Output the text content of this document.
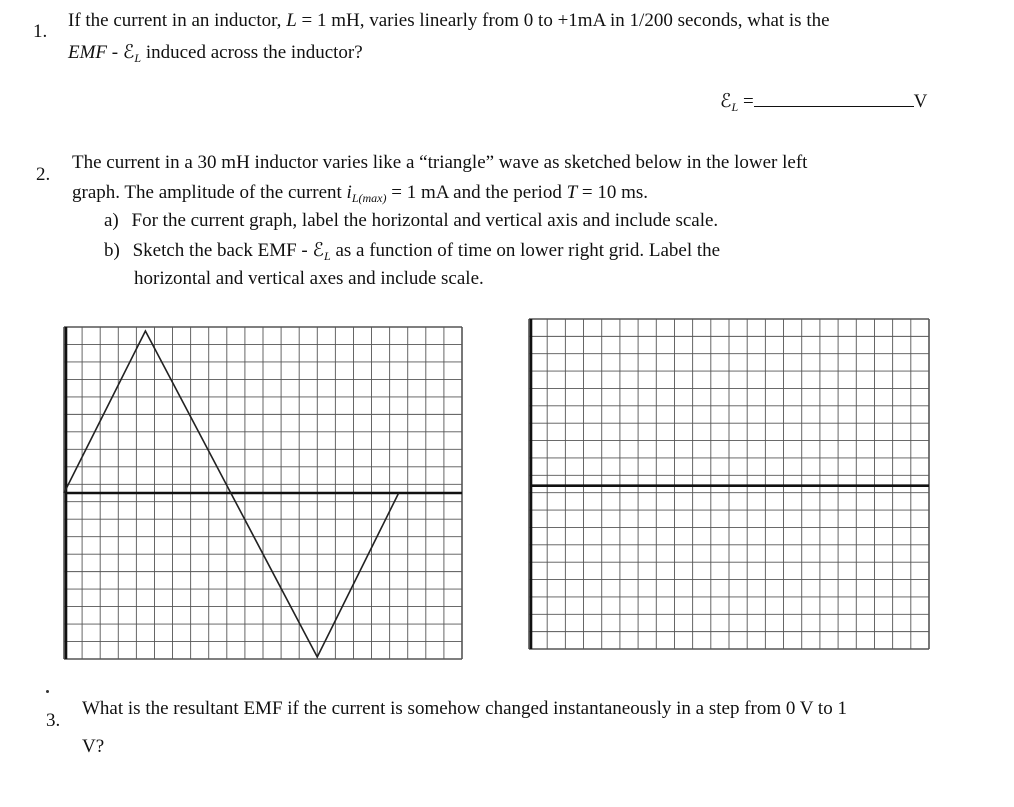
1.
If the current in an inductor, L = 1 mH, varies linearly from 0 to +1mA in 1/200 seconds, what is the
EMF - ℰ$_L$ induced across the inductor?
ℰ$_L$ =	V
2.
The current in a 30 mH inductor varies like a “triangle” wave as sketched below in the lower left
graph. The amplitude of the current $i_{L(max)} = 1$ mA and the period T = 10 ms.
a) For the current graph, label the horizontal and vertical axis and include scale.
b) Sketch the back EMF - ℰ$_L$ as a function of time on lower right grid. Label the
horizontal and vertical axes and include scale.
3.
What is the resultant EMF if the current is somehow changed instantaneously in a step from 0 V to 1
V?
